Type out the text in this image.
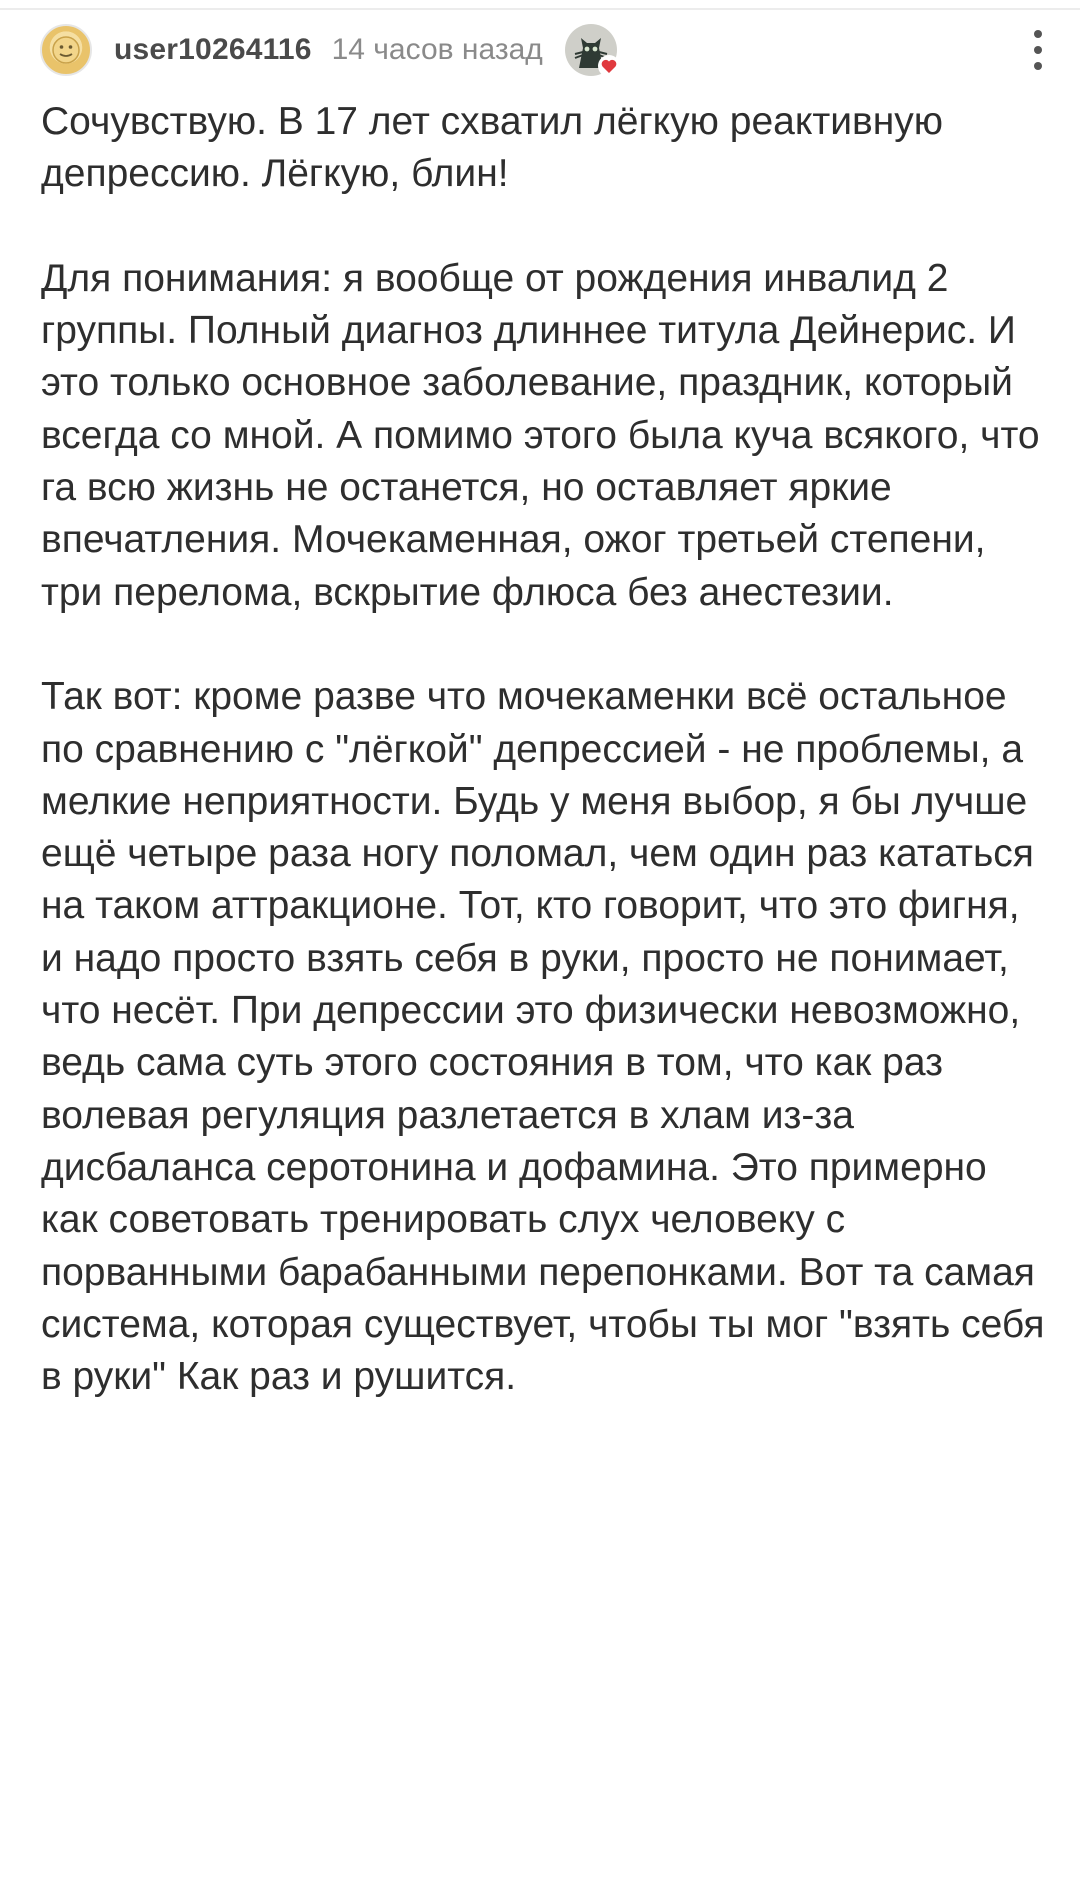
user10264116 14 часов назад

Сочувствую. В 17 лет схватил лёгкую реактивную депрессию. Лёгкую, блин!

Для понимания: я вообще от рождения инвалид 2 группы. Полный диагноз длиннее титула Дейнерис. И это только основное заболевание, праздник, который всегда со мной. А помимо этого была куча всякого, что га всю жизнь не останется, но оставляет яркие впечатления. Мочекаменная, ожог третьей степени, три перелома, вскрытие флюса без анестезии.

Так вот: кроме разве что мочекаменки всё остальное по сравнению с "лёгкой" депрессией - не проблемы, а мелкие неприятности. Будь у меня выбор, я бы лучше ещё четыре раза ногу поломал, чем один раз кататься на таком аттракционе. Тот, кто говорит, что это фигня, и надо просто взять себя в руки, просто не понимает, что несёт. При депрессии это физически невозможно, ведь сама суть этого состояния в том, что как раз волевая регуляция разлетается в хлам из-за дисбаланса серотонина и дофамина. Это примерно как советовать тренировать слух человеку с порванными барабанными перепонками. Вот та самая система, которая существует, чтобы ты мог "взять себя в руки" Как раз и рушится.
